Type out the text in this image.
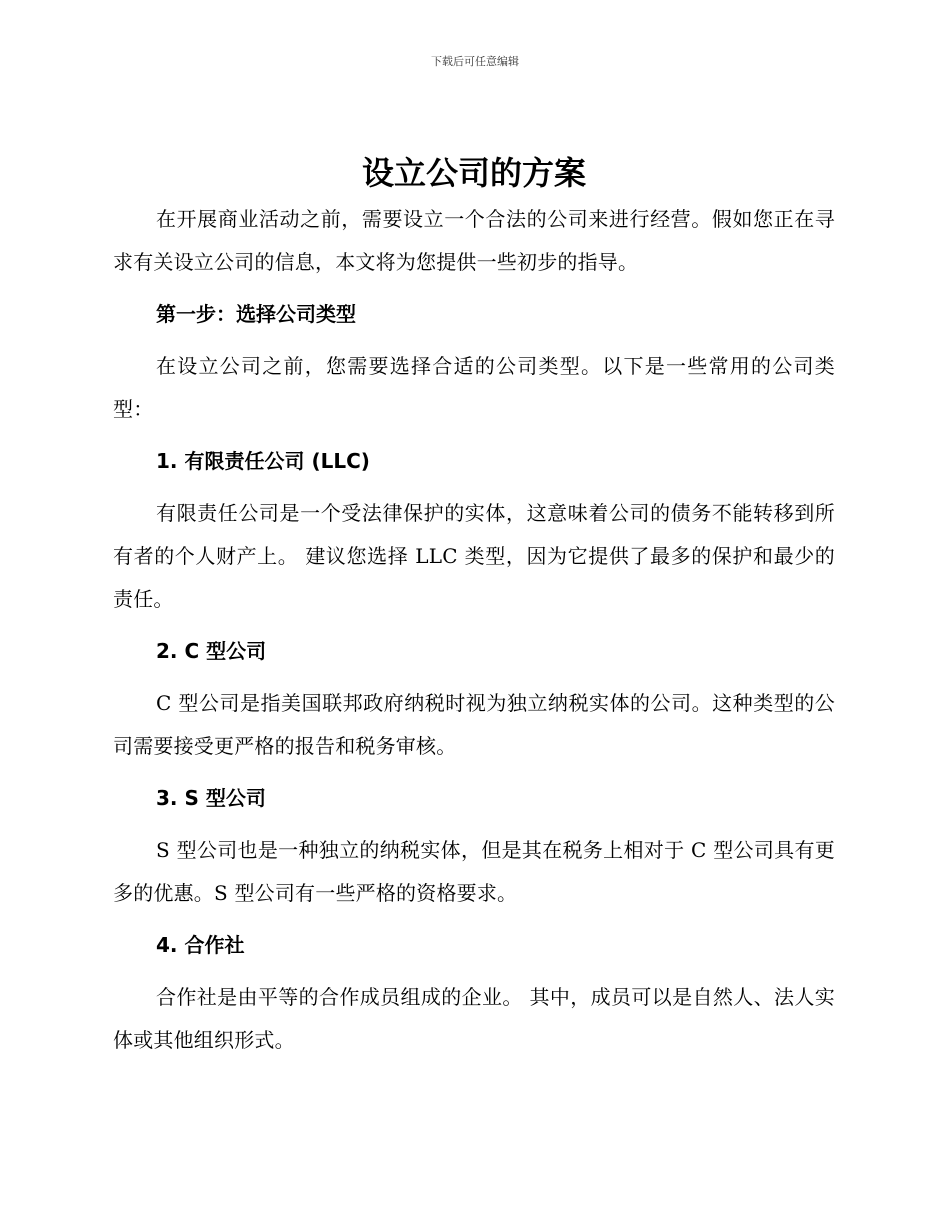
下载后可任意编辑
设立公司的方案

在开展商业活动之前，需要设立一个合法的公司来进行经营。假如您正在寻求有关设立公司的信息，本文将为您提供一些初步的指导。

第一步：选择公司类型

在设立公司之前，您需要选择合适的公司类型。以下是一些常用的公司类型：

1. 有限责任公司 (LLC)

有限责任公司是一个受法律保护的实体，这意味着公司的债务不能转移到所有者的个人财产上。 建议您选择 LLC 类型，因为它提供了最多的保护和最少的责任。

2. C 型公司

C 型公司是指美国联邦政府纳税时视为独立纳税实体的公司。这种类型的公司需要接受更严格的报告和税务审核。

3. S 型公司

S 型公司也是一种独立的纳税实体，但是其在税务上相对于 C 型公司具有更多的优惠。S 型公司有一些严格的资格要求。

4. 合作社

合作社是由平等的合作成员组成的企业。 其中，成员可以是自然人、法人实体或其他组织形式。
